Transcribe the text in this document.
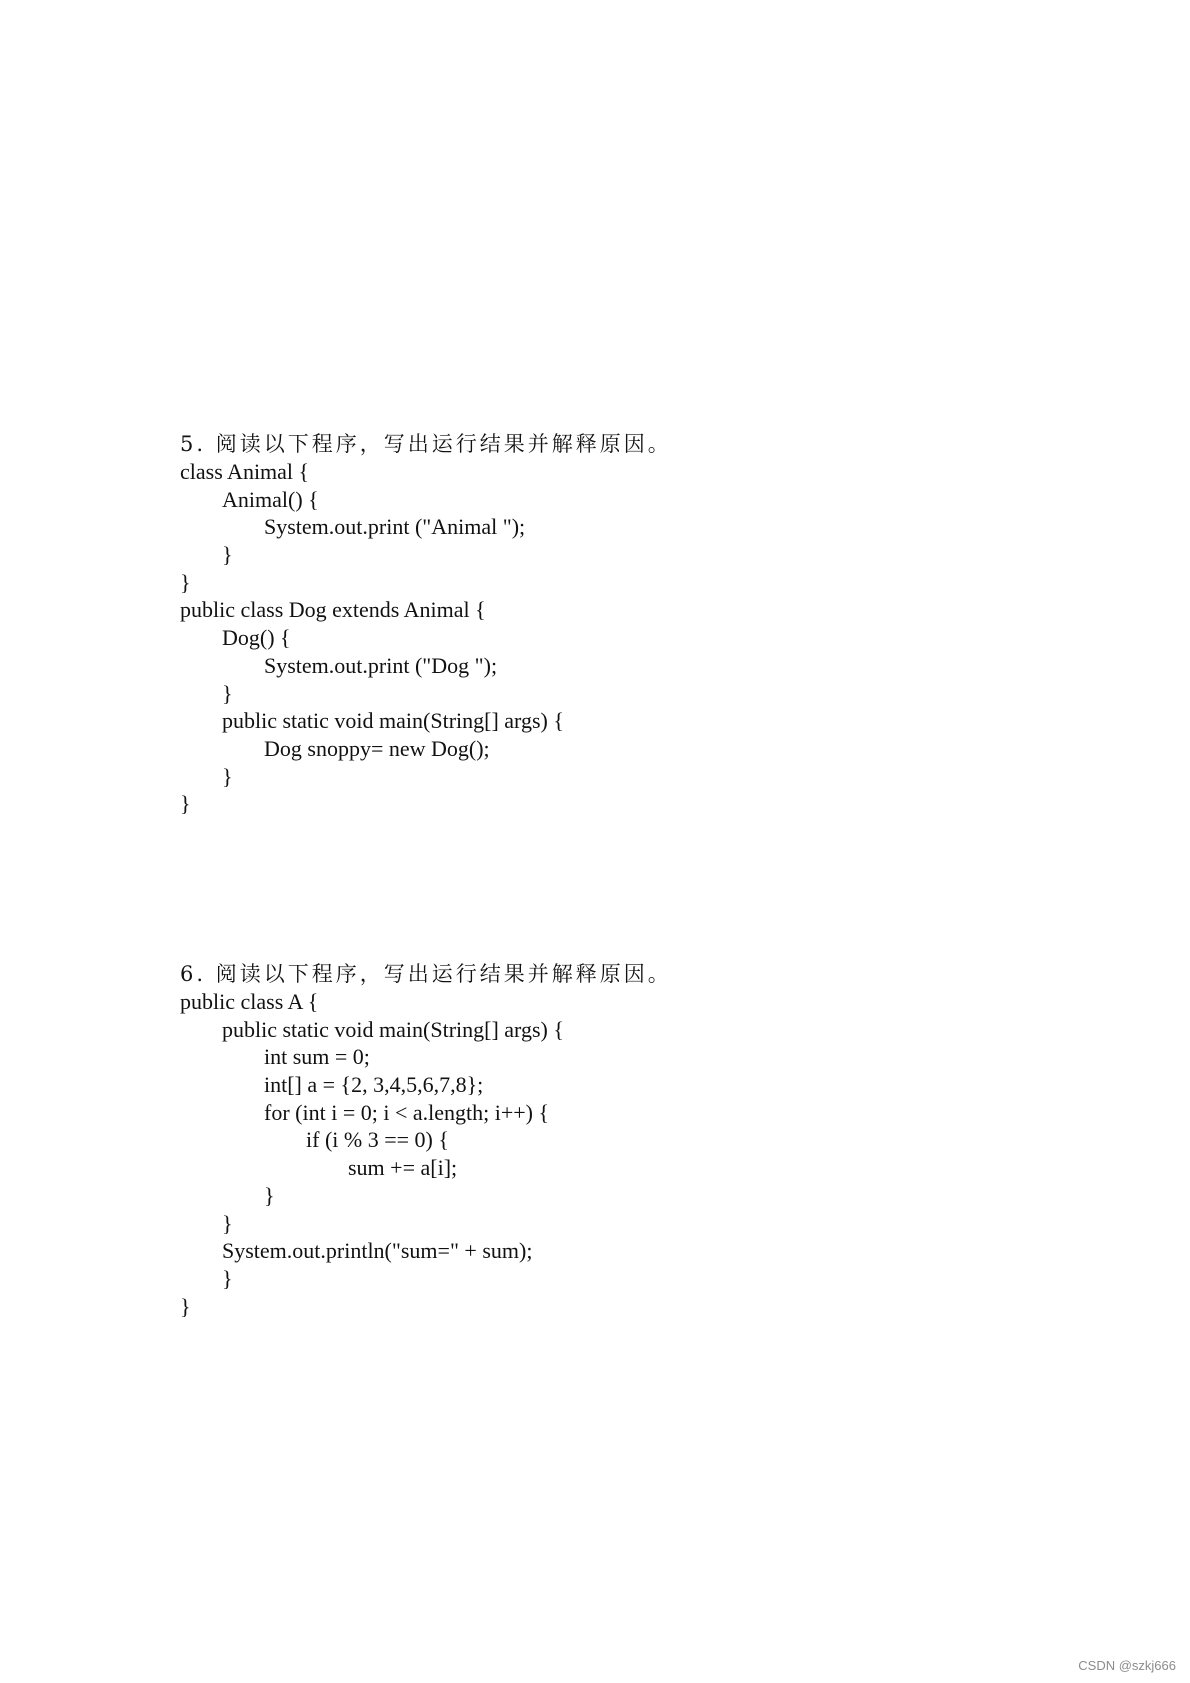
5. 阅读以下程序，写出运行结果并解释原因。
class Animal {
Animal() {
System.out.print ("Animal ");
}
}
public class Dog extends Animal {
Dog() {
System.out.print ("Dog ");
}
public static void main(String[] args) {
Dog snoppy= new Dog();
}
}
6. 阅读以下程序，写出运行结果并解释原因。
public class A {
public static void main(String[] args) {
int sum = 0;
int[] a = {2, 3,4,5,6,7,8};
for (int i = 0; i < a.length; i++) {
if (i % 3 == 0) {
sum += a[i];
}
}
System.out.println("sum=" + sum);
}
}
CSDN @szkj666
